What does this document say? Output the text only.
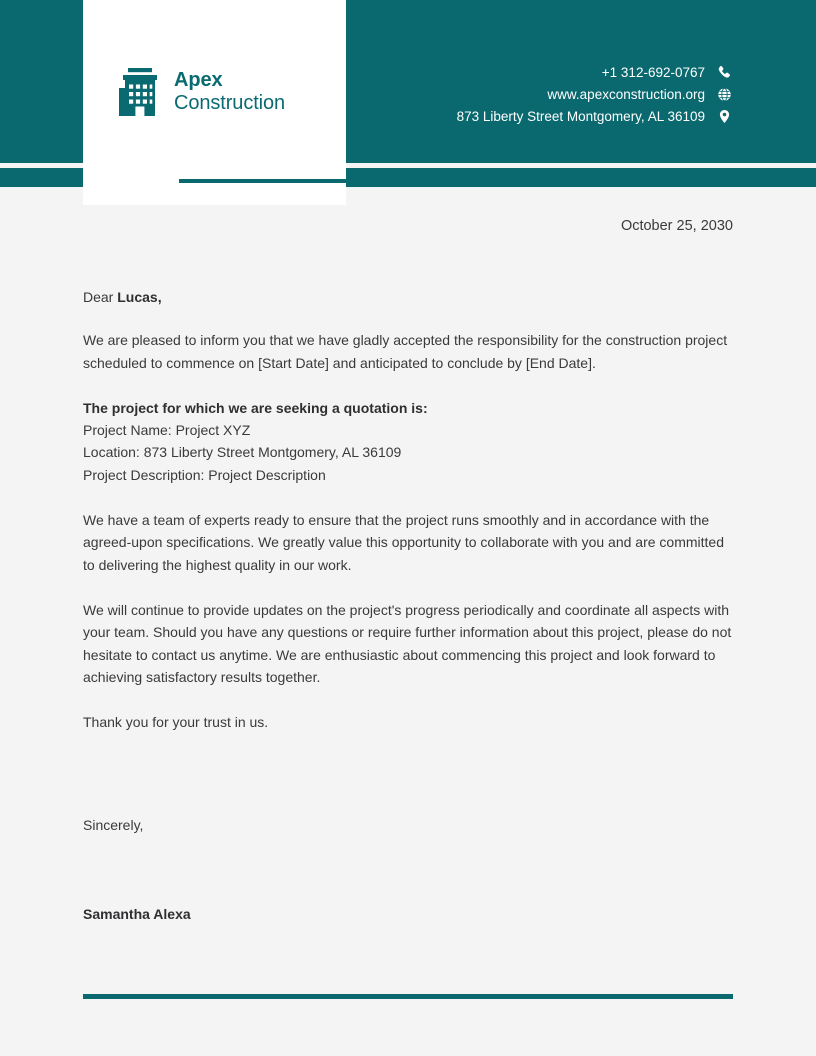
Apex
Construction
+1 312-692-0767
www.apexconstruction.org
873 Liberty Street Montgomery, AL 36109
October 25, 2030

Dear Lucas,

We are pleased to inform you that we have gladly accepted the responsibility for the construction project scheduled to commence on [Start Date] and anticipated to conclude by [End Date].

The project for which we are seeking a quotation is:
Project Name: Project XYZ
Location: 873 Liberty Street Montgomery, AL 36109
Project Description: Project Description

We have a team of experts ready to ensure that the project runs smoothly and in accordance with the agreed-upon specifications. We greatly value this opportunity to collaborate with you and are committed to delivering the highest quality in our work.

We will continue to provide updates on the project's progress periodically and coordinate all aspects with your team. Should you have any questions or require further information about this project, please do not hesitate to contact us anytime. We are enthusiastic about commencing this project and look forward to achieving satisfactory results together.

Thank you for your trust in us.

Sincerely,
Samantha Alexa
